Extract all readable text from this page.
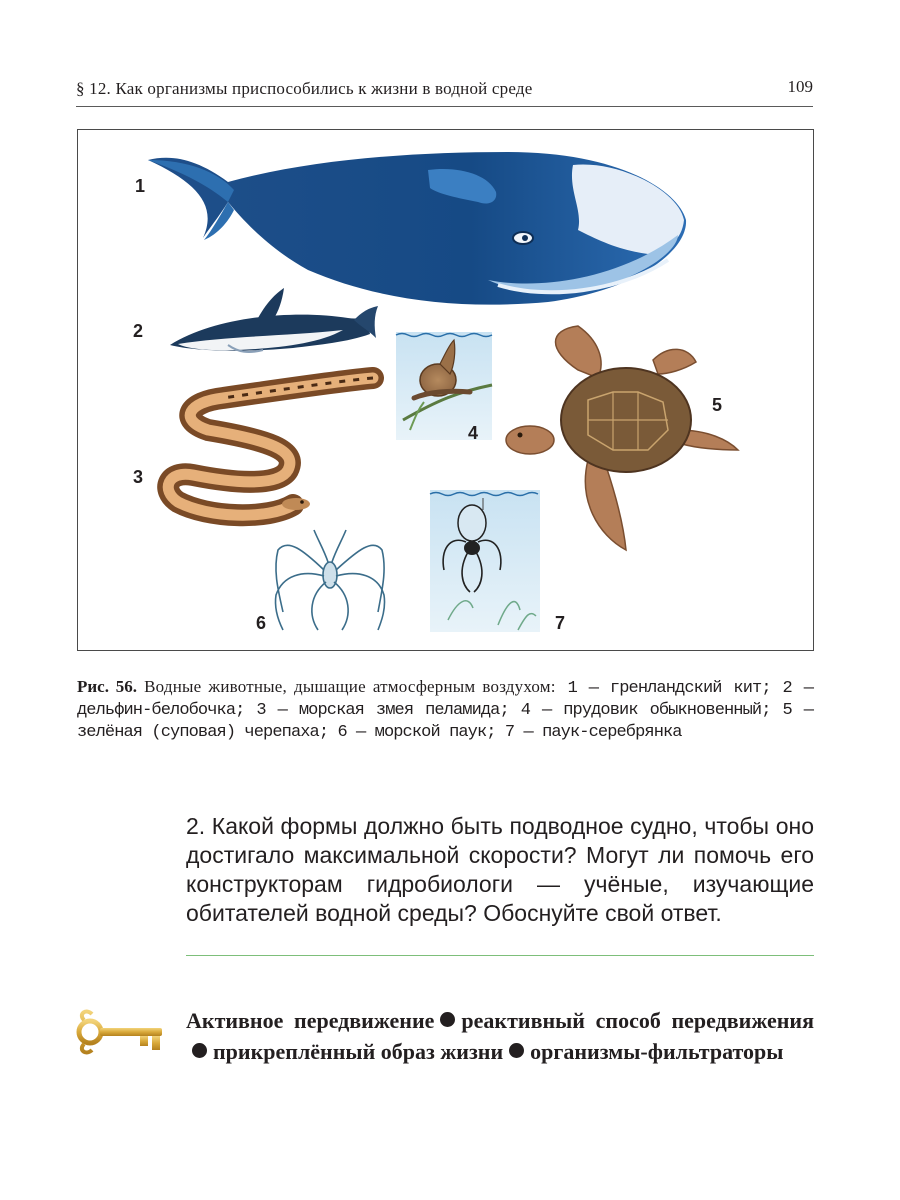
§ 12. Как организмы приспособились к жизни в водной среде	109
1
2
3
4
5
6	7
Рис. 56. Водные животные, дышащие атмосферным воздухом: 1 — гренландский кит; 2 — дельфин-белобочка; 3 — морская змея пеламида; 4 — прудовик обыкновенный; 5 — зелёная (суповая) черепаха; 6 — морской паук; 7 — паук-серебрянка
2. Какой формы должно быть подводное судно, чтобы оно достигало максимальной скорости? Могут ли помочь его конструкторам гидробиологи — учёные, изучающие обитателей водной среды? Обоснуйте свой ответ.
Активное передвижение реактивный способ передвиженияприкреплённый образ жизни организмы-фильтраторы
